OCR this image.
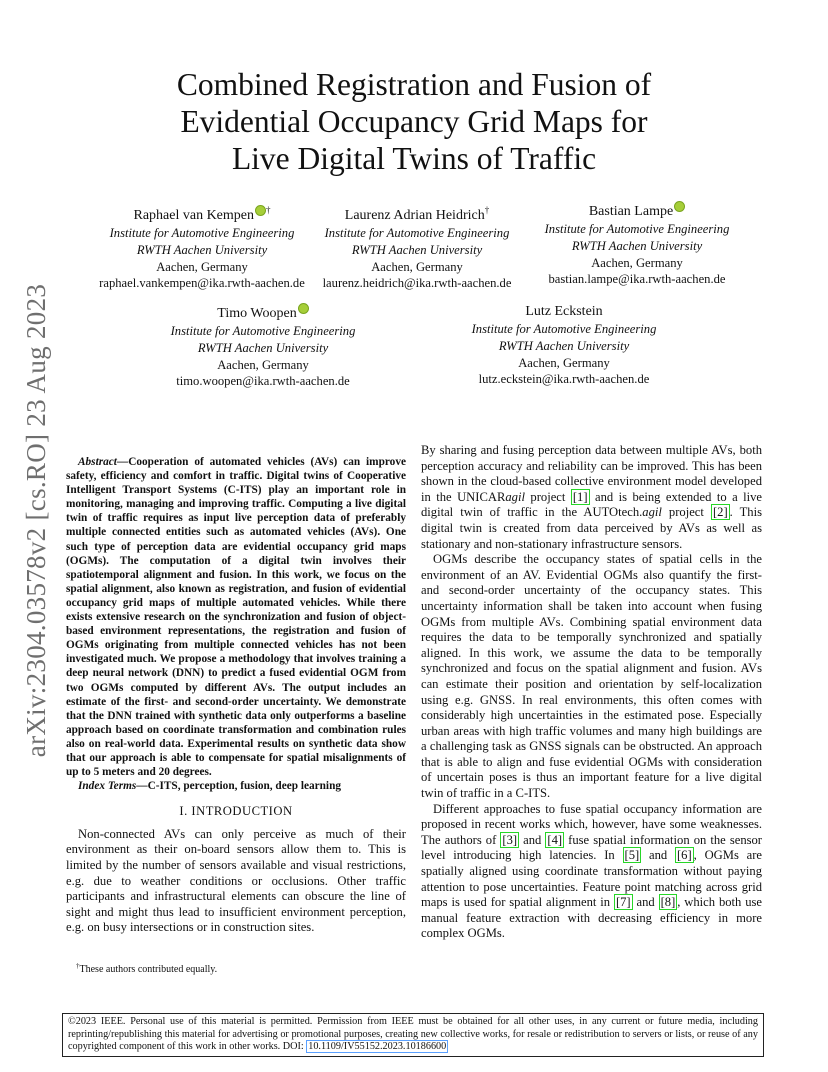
arXiv:2304.03578v2 [cs.RO] 23 Aug 2023
Combined Registration and Fusion of
Evidential Occupancy Grid Maps for
Live Digital Twins of Traffic
Raphael van Kempen †
Institute for Automotive Engineering
RWTH Aachen University
Aachen, Germany
raphael.vankempen@ika.rwth-aachen.de
Laurenz Adrian Heidrich†
Institute for Automotive Engineering
RWTH Aachen University
Aachen, Germany
laurenz.heidrich@ika.rwth-aachen.de
Bastian Lampe
Institute for Automotive Engineering
RWTH Aachen University
Aachen, Germany
bastian.lampe@ika.rwth-aachen.de
Timo Woopen
Institute for Automotive Engineering
RWTH Aachen University
Aachen, Germany
timo.woopen@ika.rwth-aachen.de
Lutz Eckstein
Institute for Automotive Engineering
RWTH Aachen University
Aachen, Germany
lutz.eckstein@ika.rwth-aachen.de

Abstract—Cooperation of automated vehicles (AVs) can improve safety, efficiency and comfort in traffic. Digital twins of Cooperative Intelligent Transport Systems (C-ITS) play an important role in monitoring, managing and improving traffic. Computing a live digital twin of traffic requires as input live perception data of preferably multiple connected entities such as automated vehicles (AVs). One such type of perception data are evidential occupancy grid maps (OGMs). The computation of a digital twin involves their spatiotemporal alignment and fusion. In this work, we focus on the spatial alignment, also known as registration, and fusion of evidential occupancy grid maps of multiple automated vehicles. While there exists extensive research on the synchronization and fusion of object-based environment representations, the registration and fusion of OGMs originating from multiple connected vehicles has not been investigated much. We propose a methodology that involves training a deep neural network (DNN) to predict a fused evidential OGM from two OGMs computed by different AVs. The output includes an estimate of the first- and second-order uncertainty. We demonstrate that the DNN trained with synthetic data only outperforms a baseline approach based on coordinate transformation and combination rules also on real-world data. Experimental results on synthetic data show that our approach is able to compensate for spatial misalignments of up to 5 meters and 20 degrees.

Index Terms—C-ITS, perception, fusion, deep learning

I. INTRODUCTION

Non-connected AVs can only perceive as much of their environment as their on-board sensors allow them to. This is limited by the number of sensors available and visual restrictions, e.g. due to weather conditions or occlusions. Other traffic participants and infrastructural elements can obscure the line of sight and might thus lead to insufficient environment perception, e.g. on busy intersections or in construction sites.

†These authors contributed equally.

By sharing and fusing perception data between multiple AVs, both perception accuracy and reliability can be improved. This has been shown in the cloud-based collective environment model developed in the UNICARagil project [1] and is being extended to a live digital twin of traffic in the AUTOtech.agil project [2] . This digital twin is created from data perceived by AVs as well as stationary and non-stationary infrastructure sensors.

OGMs describe the occupancy states of spatial cells in the environment of an AV. Evidential OGMs also quantify the first- and second-order uncertainty of the occupancy states. This uncertainty information shall be taken into account when fusing OGMs from multiple AVs. Combining spatial environment data requires the data to be temporally synchronized and spatially aligned. In this work, we assume the data to be temporally synchronized and focus on the spatial alignment and fusion. AVs can estimate their position and orientation by self-localization using e.g. GNSS. In real environments, this often comes with considerably high uncertainties in the estimated pose. Especially urban areas with high traffic volumes and many high buildings are a challenging task as GNSS signals can be obstructed. An approach that is able to align and fuse evidential OGMs with consideration of uncertain poses is thus an important feature for a live digital twin of traffic in a C-ITS.

Different approaches to fuse spatial occupancy information are proposed in recent works which, however, have some weaknesses. The authors of [3] and [4] fuse spatial information on the sensor level introducing high latencies. In [5] and [6] , OGMs are spatially aligned using coordinate transformation without paying attention to pose uncertainties. Feature point matching across grid maps is used for spatial alignment in [7] and [8] , which both use manual feature extraction with decreasing efficiency in more complex OGMs.

©2023 IEEE. Personal use of this material is permitted. Permission from IEEE must be obtained for all other uses, in any current or future media, including reprinting/republishing this material for advertising or promotional purposes, creating new collective works, for resale or redistribution to servers or lists, or reuse of any copyrighted component of this work in other works. DOI: 10.1109/IV55152.2023.10186600
